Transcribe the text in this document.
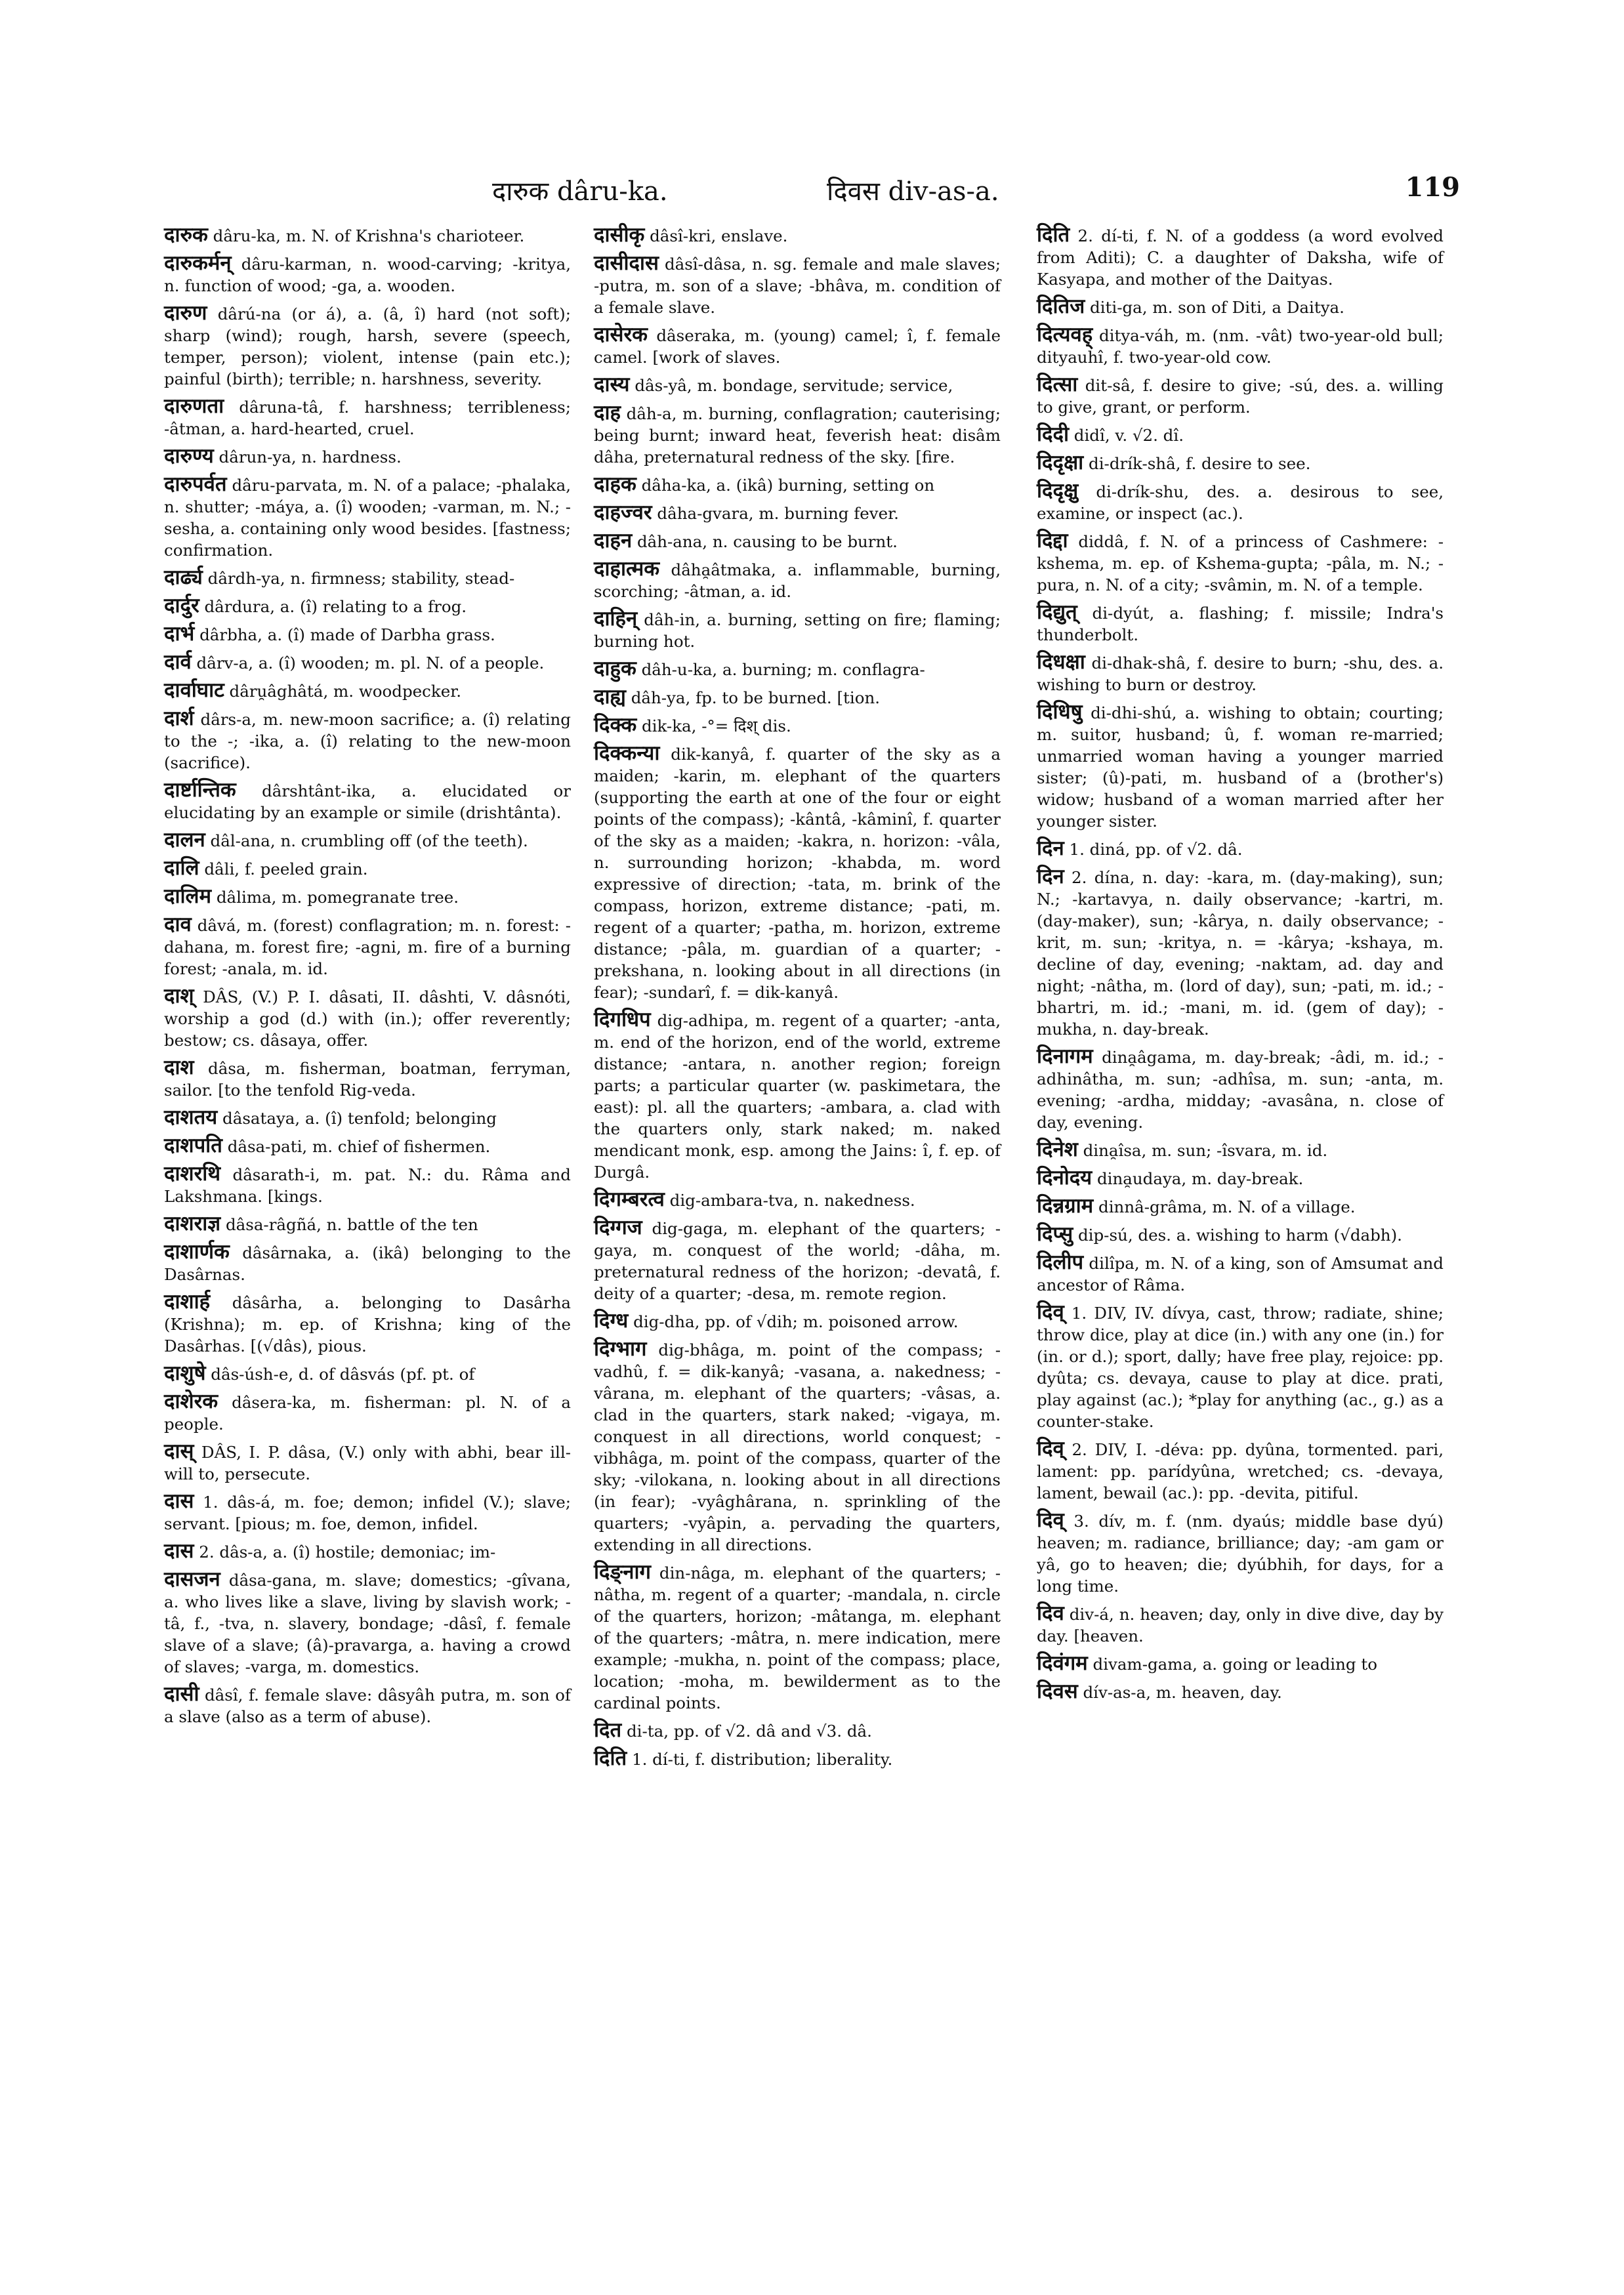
दारुक dâru-ka.	दिवस div-as-a.	119
दारुक dâru-ka, m. N. of Krishna's charioteer.
दारुकर्मन् dâru-karman, n. wood-carving; -kritya, n. function of wood; -ga, a. wooden.
दारुण dârú-na (or á), a. (â, î) hard (not soft); sharp (wind); rough, harsh, severe (speech, temper, person); violent, intense (pain etc.); painful (birth); terrible; n. harshness, severity.
दारुणता dâruna-tâ, f. harshness; terribleness; -âtman, a. hard-hearted, cruel.
दारुण्य dârun-ya, n. hardness.
दारुपर्वत dâru-parvata, m. N. of a palace; -phalaka, n. shutter; -máya, a. (î) wooden; -varman, m. N.; -sesha, a. containing only wood besides. [fastness; confirmation.
दार्ढ्य dârdh-ya, n. firmness; stability, stead-
दार्दुर dârdura, a. (î) relating to a frog.
दार्भ dârbha, a. (î) made of Darbha grass.
दार्व dârv-a, a. (î) wooden; m. pl. N. of a people.
दार्वाघाट dâru̯âghâtá, m. woodpecker.
दार्श dârs-a, m. new-moon sacrifice; a. (î) relating to the -; -ika, a. (î) relating to the new-moon (sacrifice).
दार्ष्टान्तिक dârshtânt-ika, a. elucidated or elucidating by an example or simile (drishtânta).
दालन dâl-ana, n. crumbling off (of the teeth).
दालि dâli, f. peeled grain.
दालिम dâlima, m. pomegranate tree.
दाव dâvá, m. (forest) conflagration; m. n. forest: -dahana, m. forest fire; -agni, m. fire of a burning forest; -anala, m. id.
दाश् DÂS, (V.) P. I. dâsati, II. dâshti, V. dâsnóti, worship a god (d.) with (in.); offer reverently; bestow; cs. dâsaya, offer.
दाश dâsa, m. fisherman, boatman, ferryman, sailor. [to the tenfold Rig-veda.
दाशतय dâsataya, a. (î) tenfold; belonging
दाशपति dâsa-pati, m. chief of fishermen.
दाशरथि dâsarath-i, m. pat. N.: du. Râma and Lakshmana. [kings.
दाशराज्ञ dâsa-râgñá, n. battle of the ten
दाशार्णक dâsârnaka, a. (ikâ) belonging to the Dasârnas.
दाशार्ह dâsârha, a. belonging to Dasârha (Krishna); m. ep. of Krishna; king of the Dasârhas. [(√dâs), pious.
दाशुषे dâs-úsh-e, d. of dâsvás (pf. pt. of
दाशेरक dâsera-ka, m. fisherman: pl. N. of a people.
दास् DÂS, I. P. dâsa, (V.) only with abhi, bear ill-will to, persecute.
दास 1. dâs-á, m. foe; demon; infidel (V.); slave; servant. [pious; m. foe, demon, infidel.
दास 2. dâs-a, a. (î) hostile; demoniac; im-
दासजन dâsa-gana, m. slave; domestics; -gîvana, a. who lives like a slave, living by slavish work; -tâ, f., -tva, n. slavery, bondage; -dâsî, f. female slave of a slave; (â)-pravarga, a. having a crowd of slaves; -varga, m. domestics.
दासी dâsî, f. female slave: dâsyâh putra, m. son of a slave (also as a term of abuse).
दासीकृ dâsî-kri, enslave.
दासीदास dâsî-dâsa, n. sg. female and male slaves; -putra, m. son of a slave; -bhâva, m. condition of a female slave.
दासेरक dâseraka, m. (young) camel; î, f. female camel. [work of slaves.
दास्य dâs-yâ, m. bondage, servitude; service,
दाह dâh-a, m. burning, conflagration; cauterising; being burnt; inward heat, feverish heat: disâm dâha, preternatural redness of the sky. [fire.
दाहक dâha-ka, a. (ikâ) burning, setting on
दाहज्वर dâha-gvara, m. burning fever.
दाहन dâh-ana, n. causing to be burnt.
दाहात्मक dâha̯âtmaka, a. inflammable, burning, scorching; -âtman, a. id.
दाहिन् dâh-in, a. burning, setting on fire; flaming; burning hot.
दाहुक dâh-u-ka, a. burning; m. conflagra-
दाह्य dâh-ya, fp. to be burned. [tion.
दिक्क dik-ka, -°= दिश् dis.
दिक्कन्या dik-kanyâ, f. quarter of the sky as a maiden; -karin, m. elephant of the quarters (supporting the earth at one of the four or eight points of the compass); -kântâ, -kâminî, f. quarter of the sky as a maiden; -kakra, n. horizon: -vâla, n. surrounding horizon; -khabda, m. word expressive of direction; -tata, m. brink of the compass, horizon, extreme distance; -pati, m. regent of a quarter; -patha, m. horizon, extreme distance; -pâla, m. guardian of a quarter; -prekshana, n. looking about in all directions (in fear); -sundarî, f. = dik-kanyâ.
दिगधिप dig-adhipa, m. regent of a quarter; -anta, m. end of the horizon, end of the world, extreme distance; -antara, n. another region; foreign parts; a particular quarter (w. paskimetara, the east): pl. all the quarters; -ambara, a. clad with the quarters only, stark naked; m. naked mendicant monk, esp. among the Jains: î, f. ep. of Durgâ.
दिगम्बरत्व dig-ambara-tva, n. nakedness.
दिग्गज dig-gaga, m. elephant of the quarters; -gaya, m. conquest of the world; -dâha, m. preternatural redness of the horizon; -devatâ, f. deity of a quarter; -desa, m. remote region.
दिग्ध dig-dha, pp. of √dih; m. poisoned arrow.
दिग्भाग dig-bhâga, m. point of the compass; -vadhû, f. = dik-kanyâ; -vasana, a. nakedness; -vârana, m. elephant of the quarters; -vâsas, a. clad in the quarters, stark naked; -vigaya, m. conquest in all directions, world conquest; -vibhâga, m. point of the compass, quarter of the sky; -vilokana, n. looking about in all directions (in fear); -vyâghârana, n. sprinkling of the quarters; -vyâpin, a. pervading the quarters, extending in all directions.
दिङ्नाग din-nâga, m. elephant of the quarters; -nâtha, m. regent of a quarter; -mandala, n. circle of the quarters, horizon; -mâtanga, m. elephant of the quarters; -mâtra, n. mere indication, mere example; -mukha, n. point of the compass; place, location; -moha, m. bewilderment as to the cardinal points.
दित di-ta, pp. of √2. dâ and √3. dâ.
दिति 1. dí-ti, f. distribution; liberality.
दिति 2. dí-ti, f. N. of a goddess (a word evolved from Aditi); C. a daughter of Daksha, wife of Kasyapa, and mother of the Daityas.
दितिज diti-ga, m. son of Diti, a Daitya.
दित्यवह् ditya-váh, m. (nm. -vât) two-year-old bull; dityauhî, f. two-year-old cow.
दित्सा dit-sâ, f. desire to give; -sú, des. a. willing to give, grant, or perform.
दिदी didî, v. √2. dî.
दिदृक्षा di-drík-shâ, f. desire to see.
दिदृक्षु di-drík-shu, des. a. desirous to see, examine, or inspect (ac.).
दिद्दा diddâ, f. N. of a princess of Cashmere: -kshema, m. ep. of Kshema-gupta; -pâla, m. N.; -pura, n. N. of a city; -svâmin, m. N. of a temple.
दिद्युत् di-dyút, a. flashing; f. missile; Indra's thunderbolt.
दिधक्षा di-dhak-shâ, f. desire to burn; -shu, des. a. wishing to burn or destroy.
दिधिषु di-dhi-shú, a. wishing to obtain; courting; m. suitor, husband; û, f. woman re-married; unmarried woman having a younger married sister; (û)-pati, m. husband of a (brother's) widow; husband of a woman married after her younger sister.
दिन 1. diná, pp. of √2. dâ.
दिन 2. dína, n. day: -kara, m. (day-making), sun; N.; -kartavya, n. daily observance; -kartri, m. (day-maker), sun; -kârya, n. daily observance; -krit, m. sun; -kritya, n. = -kârya; -kshaya, m. decline of day, evening; -naktam, ad. day and night; -nâtha, m. (lord of day), sun; -pati, m. id.; -bhartri, m. id.; -mani, m. id. (gem of day); -mukha, n. day-break.
दिनागम dina̯âgama, m. day-break; -âdi, m. id.; -adhinâtha, m. sun; -adhîsa, m. sun; -anta, m. evening; -ardha, midday; -avasâna, n. close of day, evening.
दिनेश dina̯îsa, m. sun; -îsvara, m. id.
दिनोदय dina̯udaya, m. day-break.
दिन्नग्राम dinnâ-grâma, m. N. of a village.
दिप्सु dip-sú, des. a. wishing to harm (√dabh).
दिलीप dilîpa, m. N. of a king, son of Amsumat and ancestor of Râma.
दिव् 1. DIV, IV. dívya, cast, throw; radiate, shine; throw dice, play at dice (in.) with any one (in.) for (in. or d.); sport, dally; have free play, rejoice: pp. dyûta; cs. devaya, cause to play at dice. prati, play against (ac.); *play for anything (ac., g.) as a counter-stake.
दिव् 2. DIV, I. -déva: pp. dyûna, tormented. pari, lament: pp. parídyûna, wretched; cs. -devaya, lament, bewail (ac.): pp. -devita, pitiful.
दिव् 3. dív, m. f. (nm. dyaús; middle base dyú) heaven; m. radiance, brilliance; day; -am gam or yâ, go to heaven; die; dyúbhih, for days, for a long time.
दिव div-á, n. heaven; day, only in dive dive, day by day. [heaven.
दिवंगम divam-gama, a. going or leading to
दिवस dív-as-a, m. heaven, day.
